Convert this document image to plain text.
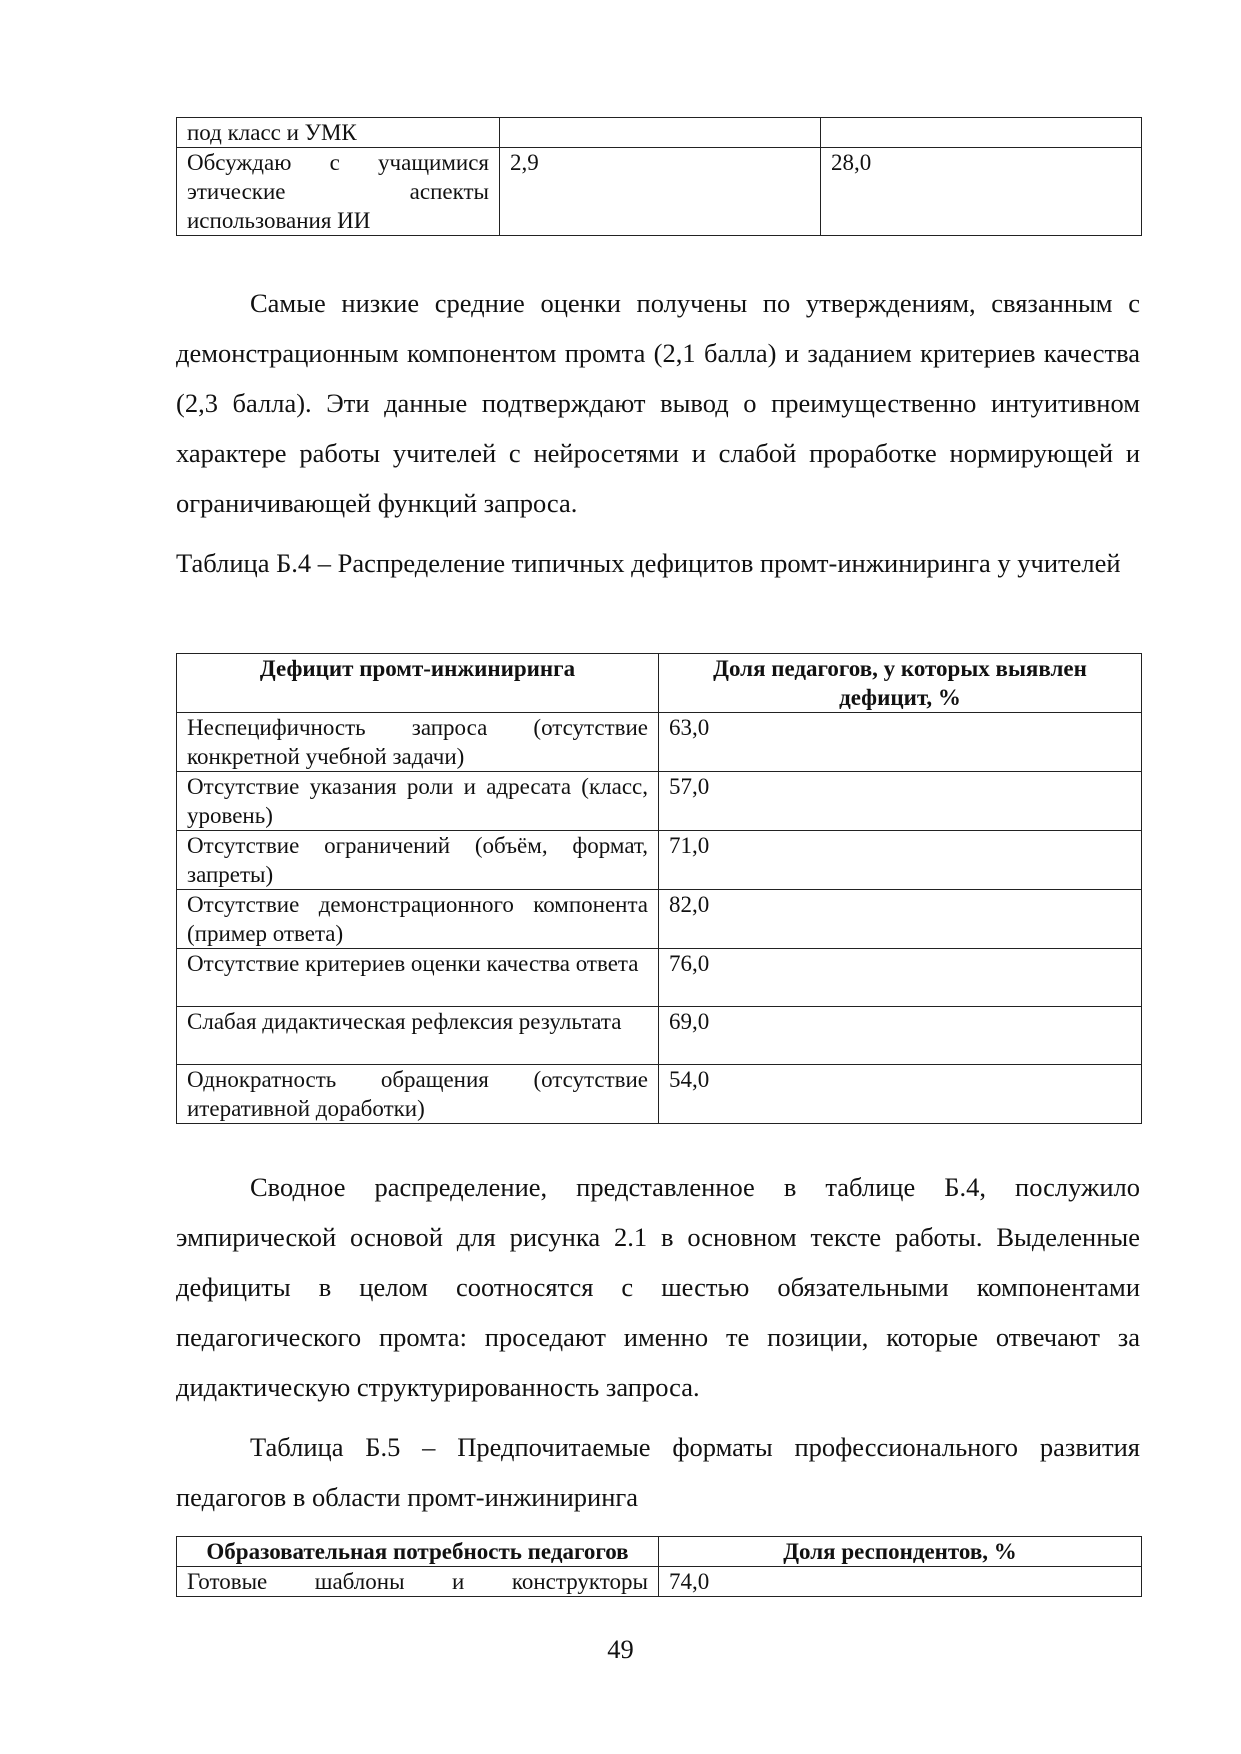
под класс и УМК		
Обсуждаю с учащимися этические аспекты использования ИИ	2,9	28,0

Самые низкие средние оценки получены по утверждениям, связанным с демонстрационным компонентом промта (2,1 балла) и заданием критериев качества (2,3 балла). Эти данные подтверждают вывод о преимущественно интуитивном характере работы учителей с нейросетями и слабой проработке нормирующей и ограничивающей функций запроса.

Таблица Б.4 – Распределение типичных дефицитов промт-инжиниринга у учителей

Дефицит промт-инжиниринга	Доля педагогов, у которых выявлен дефицит, %
Неспецифичность запроса (отсутствие конкретной учебной задачи)	63,0
Отсутствие указания роли и адресата (класс, уровень)	57,0
Отсутствие ограничений (объём, формат, запреты)	71,0
Отсутствие демонстрационного компонента (пример ответа)	82,0
Отсутствие критериев оценки качества ответа	76,0
Слабая дидактическая рефлексия результата	69,0
Однократность обращения (отсутствие итеративной доработки)	54,0

Сводное распределение, представленное в таблице Б.4, послужило эмпирической основой для рисунка 2.1 в основном тексте работы. Выделенные дефициты в целом соотносятся с шестью обязательными компонентами педагогического промта: проседают именно те позиции, которые отвечают за дидактическую структурированность запроса.

Таблица Б.5 – Предпочитаемые форматы профессионального развития педагогов в области промт-инжиниринга

Образовательная потребность педагогов	Доля респондентов, %
Готовые шаблоны и конструкторы	74,0
49
